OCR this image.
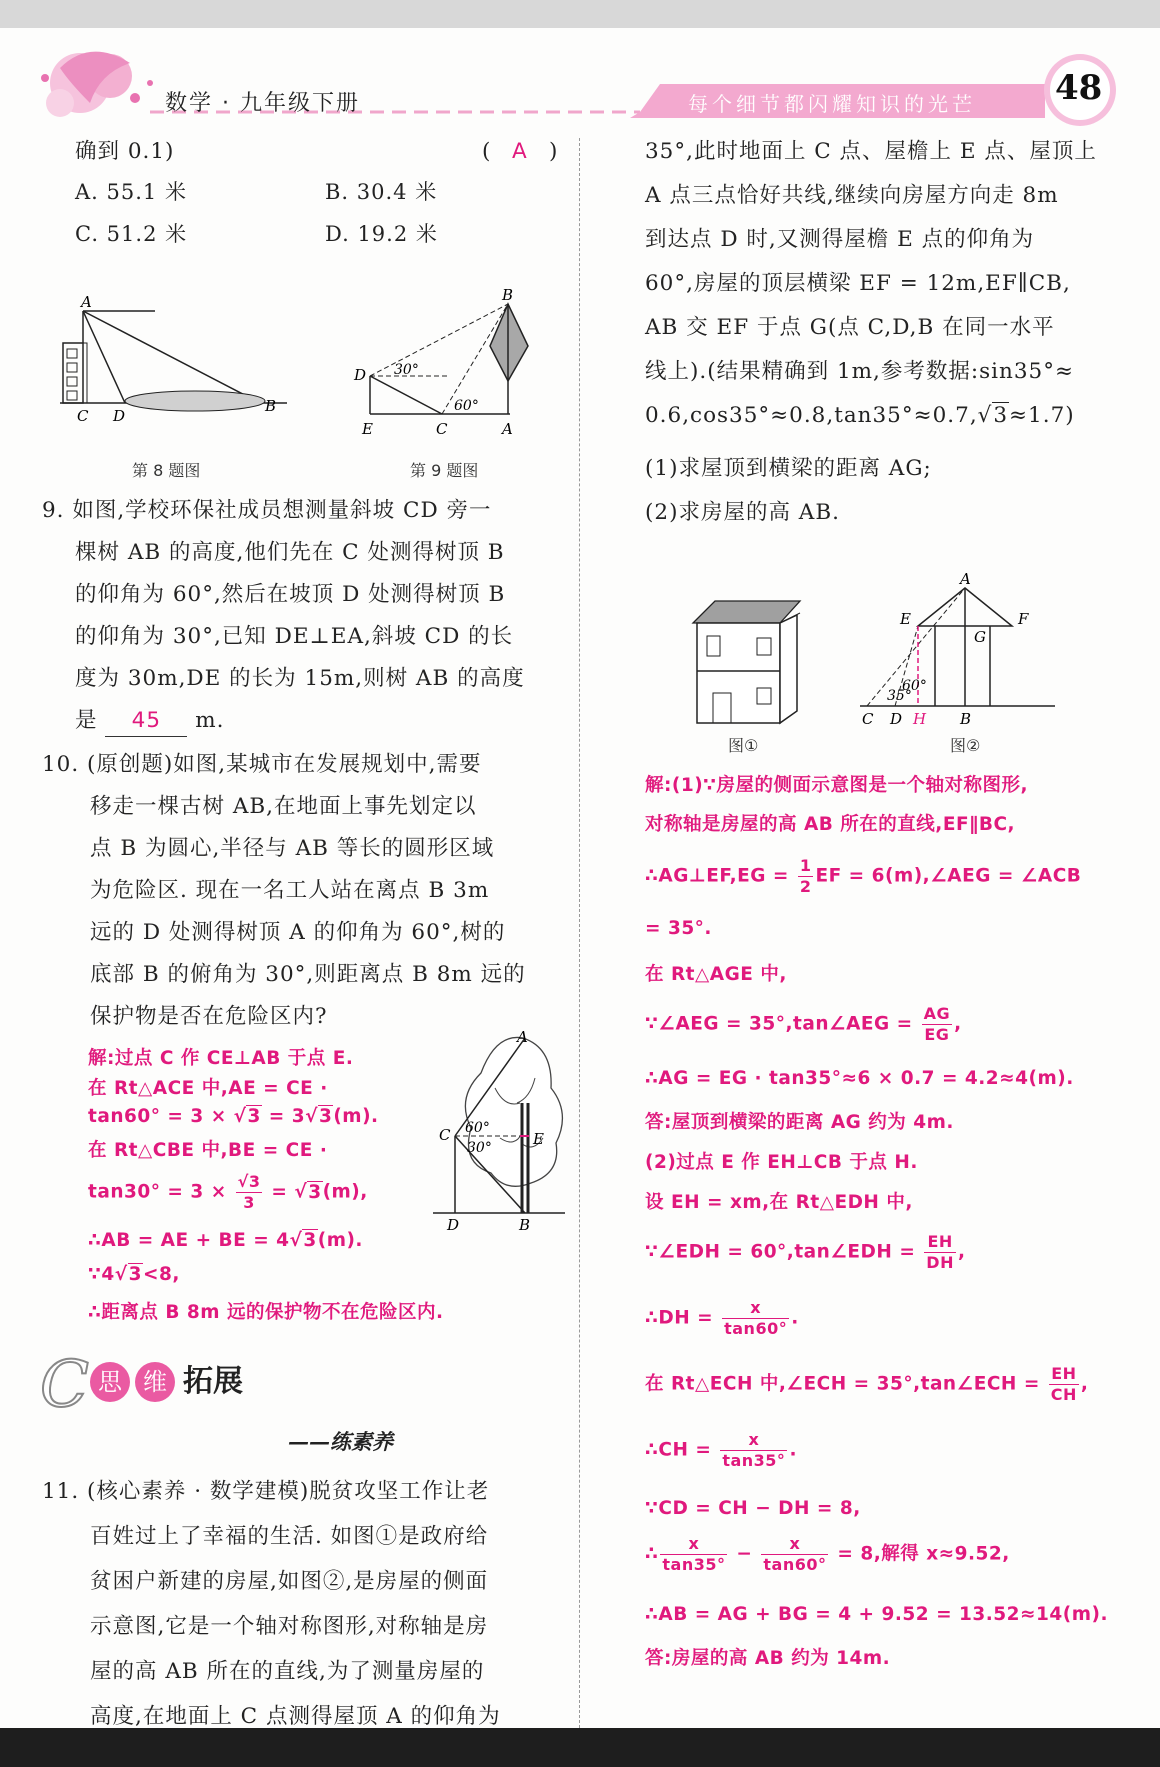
数学 · 九年级下册	每个细节都闪耀知识的光芒 48
确到 0.1)	( A )
A. 55.1 米	B. 30.4 米
C. 51.2 米	D. 19.2 米
A
C D
B
第 8 题图
B
D 30°
60°
E	C	A
第 9 题图
9. 如图,学校环保社成员想测量斜坡 CD 旁一
棵树 AB 的高度,他们先在 C 处测得树顶 B
的仰角为 60°,然后在坡顶 D 处测得树顶 B
的仰角为 30°,已知 DE⊥EA,斜坡 CD 的长
度为 30m,DE 的长为 15m,则树 AB 的高度
是 45 m.
10. (原创题)如图,某城市在发展规划中,需要
移走一棵古树 AB,在地面上事先划定以
点 B 为圆心,半径与 AB 等长的圆形区域
为危险区. 现在一名工人站在离点 B 3m
远的 D 处测得树顶 A 的仰角为 60°,树的
底部 B 的俯角为 30°,则距离点 B 8m 远的
保护物是否在危险区内?
解:过点 C 作 CE⊥AB 于点 E.
在 Rt△ACE 中,AE = CE ·
tan60° = 3 × √3 = 3√3(m).
在 Rt△CBE 中,BE = CE ·
$\tan 30^\circ = 3 \times \frac{√3}{3} = √3(m)$,
∴AB = AE + BE = 4√3(m).
∵4√3<8,
∴距离点 B 8m 远的保护物不在危险区内.
A
C 60°
30°	E
D	B
C 思 维 拓展
——练素养
11. (核心素养 · 数学建模)脱贫攻坚工作让老
百姓过上了幸福的生活. 如图①是政府给
贫困户新建的房屋,如图②,是房屋的侧面
示意图,它是一个轴对称图形,对称轴是房
屋的高 AB 所在的直线,为了测量房屋的
高度,在地面上 C 点测得屋顶 A 的仰角为
35°,此时地面上 C 点、屋檐上 E 点、屋顶上
A 点三点恰好共线,继续向房屋方向走 8m
到达点 D 时,又测得屋檐 E 点的仰角为
60°,房屋的顶层横梁 EF = 12m,EF∥CB,
AB 交 EF 于点 G(点 C,D,B 在同一水平
线上).(结果精确到 1m,参考数据:sin35°≈
0.6,cos35°≈0.8,tan35°≈0.7,√3≈1.7)
(1)求屋顶到横梁的距离 AG;
(2)求房屋的高 AB.
图①
A
E	F
G
35°
60°
C D H B
图②
解:(1)∵房屋的侧面示意图是一个轴对称图形,
对称轴是房屋的高 AB 所在的直线,EF∥BC,
∴AG⊥EF,EG = $\frac{1}{2}$ EF = 6(m),∠AEG = ∠ACB
= 35°.
在 Rt△AGE 中,
∵∠AEG = 35°,tan∠AEG = $\frac{AG}{EG}$ ,
∴AG = EG · tan35°≈6 × 0.7 = 4.2≈4(m).
答:屋顶到横梁的距离 AG 约为 4m.
(2)过点 E 作 EH⊥CB 于点 H.
设 EH = xm,在 Rt△EDH 中,
∵∠EDH = 60°,tan∠EDH = $\frac{EH}{DH}$ ,
∴DH = $\frac{x}{\tan 60^\circ}$ .
在 Rt△ECH 中,∠ECH = 35°,tan∠ECH = $\frac{EH}{CH}$ ,
∴CH = $\frac{x}{\tan 35^\circ}$ .
∵CD = CH − DH = 8,
∴ $\frac{x}{\tan 35^\circ} - \frac{x}{\tan 60^\circ} = 8$,解得 x≈9.52,
∴AB = AG + BG = 4 + 9.52 = 13.52≈14(m).
答:房屋的高 AB 约为 14m.
